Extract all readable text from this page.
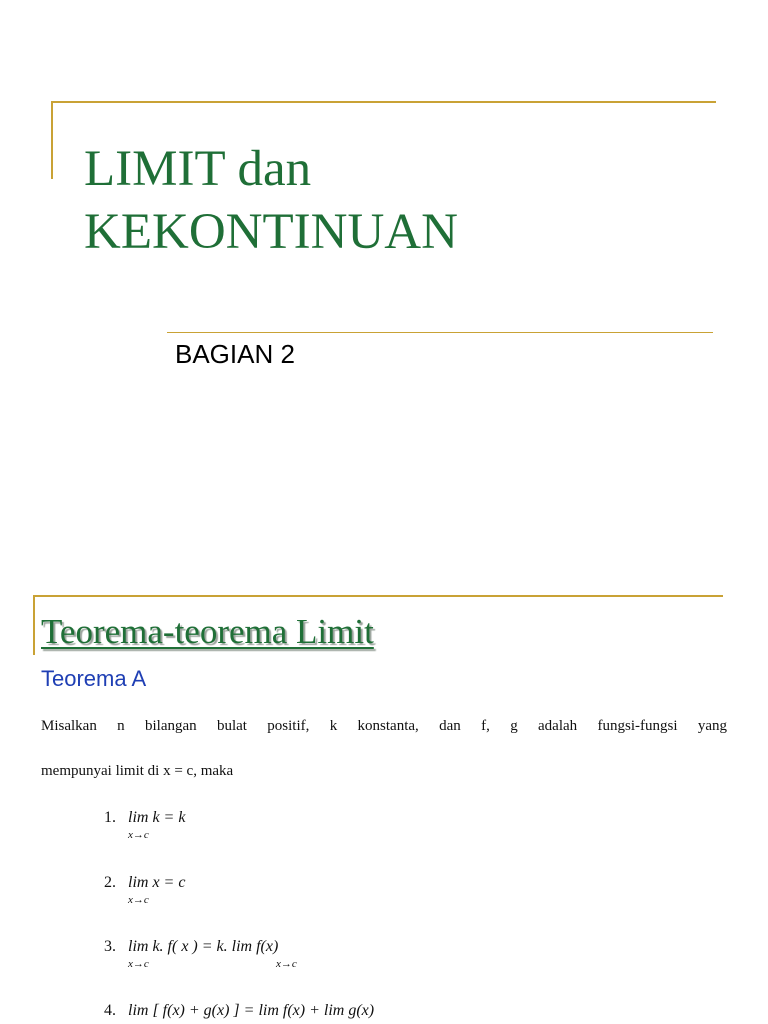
LIMIT dan
KEKONTINUAN

BAGIAN 2

Teorema-teorema Limit

Teorema A

Misalkan n bilangan bulat positif, k konstanta, dan f, g adalah fungsi-fungsi yang

mempunyai limit di x = c, maka

1. lim k = k
x→c
2. lim x = c
x→c
3. lim k. f( x ) = k. lim f(x)
x→c	x→c
4. lim [ f(x) + g(x) ] = lim f(x) + lim g(x)
